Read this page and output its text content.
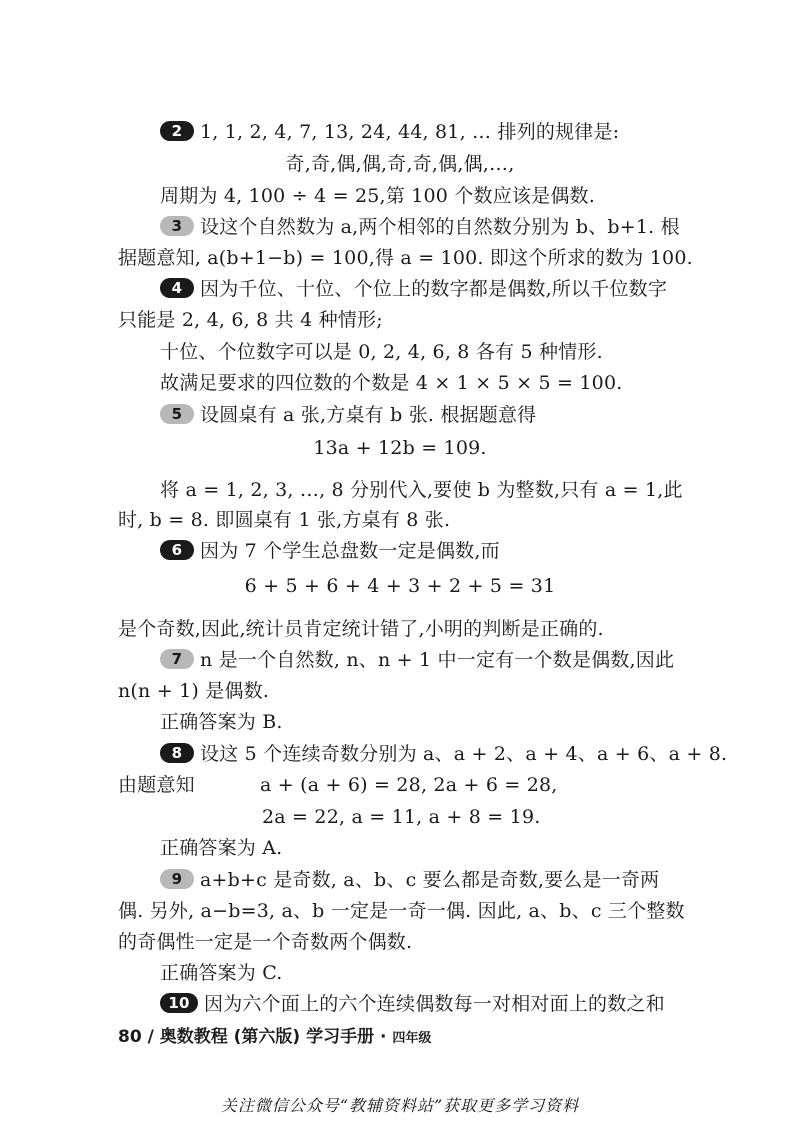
2 1, 1, 2, 4, 7, 13, 24, 44, 81, … 排列的规律是:
奇,奇,偶,偶,奇,奇,偶,偶,…,
周期为 4, 100 ÷ 4 = 25,第 100 个数应该是偶数.
3 设这个自然数为 a,两个相邻的自然数分别为 b、b+1. 根
据题意知, a(b+1−b) = 100,得 a = 100. 即这个所求的数为 100.
4 因为千位、十位、个位上的数字都是偶数,所以千位数字
只能是 2, 4, 6, 8 共 4 种情形;
十位、个位数字可以是 0, 2, 4, 6, 8 各有 5 种情形.
故满足要求的四位数的个数是 4 × 1 × 5 × 5 = 100.
5 设圆桌有 a 张,方桌有 b 张. 根据题意得
13a + 12b = 109.
将 a = 1, 2, 3, …, 8 分别代入,要使 b 为整数,只有 a = 1,此
时, b = 8. 即圆桌有 1 张,方桌有 8 张.
6 因为 7 个学生总盘数一定是偶数,而
6 + 5 + 6 + 4 + 3 + 2 + 5 = 31
是个奇数,因此,统计员肯定统计错了,小明的判断是正确的.
7 n 是一个自然数, n、n + 1 中一定有一个数是偶数,因此
n(n + 1) 是偶数.
正确答案为 B.
8 设这 5 个连续奇数分别为 a、a + 2、a + 4、a + 6、a + 8.
由题意知	a + (a + 6) = 28, 2a + 6 = 28,
2a = 22, a = 11, a + 8 = 19.
正确答案为 A.
9 a+b+c 是奇数, a、b、c 要么都是奇数,要么是一奇两
偶. 另外, a−b=3, a、b 一定是一奇一偶. 因此, a、b、c 三个整数
的奇偶性一定是一个奇数两个偶数.
正确答案为 C.
10 因为六个面上的六个连续偶数每一对相对面上的数之和
80 / 奥数教程 (第六版) 学习手册 · 四年级
关注微信公众号“教辅资料站”获取更多学习资料
